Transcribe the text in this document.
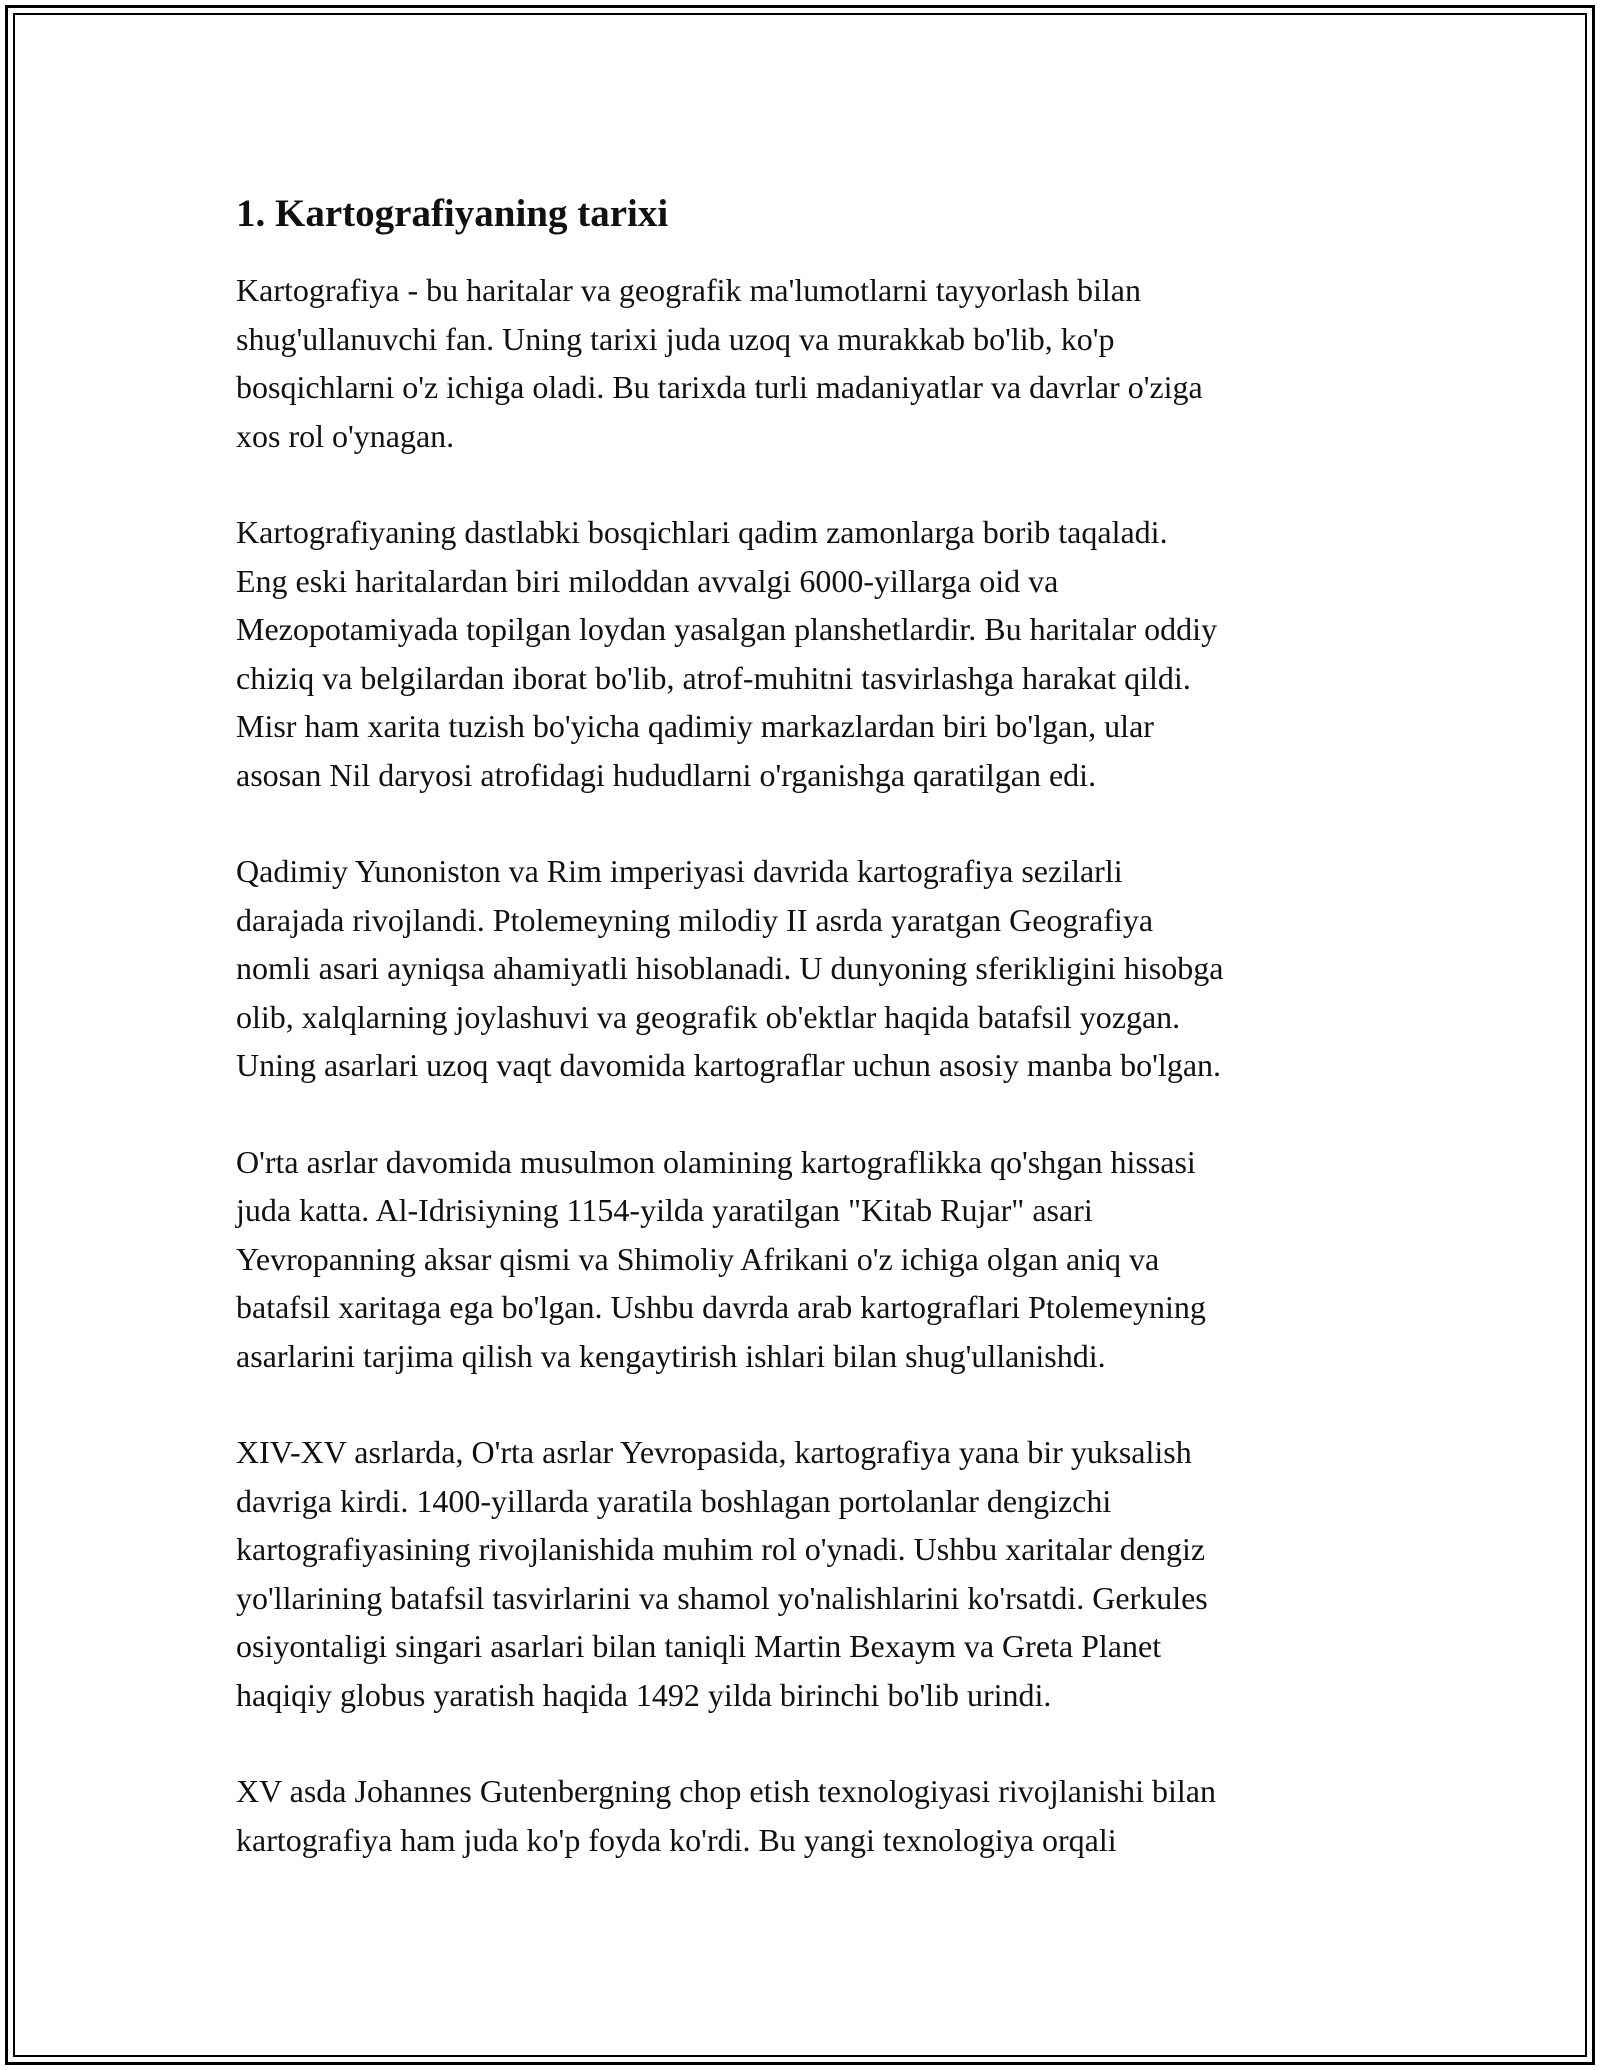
1. Kartografiyaning tarixi

Kartografiya - bu haritalar va geografik ma'lumotlarni tayyorlash bilan
shug'ullanuvchi fan. Uning tarixi juda uzoq va murakkab bo'lib, ko'p
bosqichlarni o'z ichiga oladi. Bu tarixda turli madaniyatlar va davrlar o'ziga
xos rol o'ynagan.

Kartografiyaning dastlabki bosqichlari qadim zamonlarga borib taqaladi.
Eng eski haritalardan biri miloddan avvalgi 6000-yillarga oid va
Mezopotamiyada topilgan loydan yasalgan planshetlardir. Bu haritalar oddiy
chiziq va belgilardan iborat bo'lib, atrof-muhitni tasvirlashga harakat qildi.
Misr ham xarita tuzish bo'yicha qadimiy markazlardan biri bo'lgan, ular
asosan Nil daryosi atrofidagi hududlarni o'rganishga qaratilgan edi.

Qadimiy Yunoniston va Rim imperiyasi davrida kartografiya sezilarli
darajada rivojlandi. Ptolemeyning milodiy II asrda yaratgan Geografiya
nomli asari ayniqsa ahamiyatli hisoblanadi. U dunyoning sferikligini hisobga
olib, xalqlarning joylashuvi va geografik ob'ektlar haqida batafsil yozgan.
Uning asarlari uzoq vaqt davomida kartograflar uchun asosiy manba bo'lgan.

O'rta asrlar davomida musulmon olamining kartograflikka qo'shgan hissasi
juda katta. Al-Idrisiyning 1154-yilda yaratilgan "Kitab Rujar" asari
Yevropanning aksar qismi va Shimoliy Afrikani o'z ichiga olgan aniq va
batafsil xaritaga ega bo'lgan. Ushbu davrda arab kartograflari Ptolemeyning
asarlarini tarjima qilish va kengaytirish ishlari bilan shug'ullanishdi.

XIV-XV asrlarda, O'rta asrlar Yevropasida, kartografiya yana bir yuksalish
davriga kirdi. 1400-yillarda yaratila boshlagan portolanlar dengizchi
kartografiyasining rivojlanishida muhim rol o'ynadi. Ushbu xaritalar dengiz
yo'llarining batafsil tasvirlarini va shamol yo'nalishlarini ko'rsatdi. Gerkules
osiyontaligi singari asarlari bilan taniqli Martin Bexaym va Greta Planet
haqiqiy globus yaratish haqida 1492 yilda birinchi bo'lib urindi.

XV asda Johannes Gutenbergning chop etish texnologiyasi rivojlanishi bilan
kartografiya ham juda ko'p foyda ko'rdi. Bu yangi texnologiya orqali
